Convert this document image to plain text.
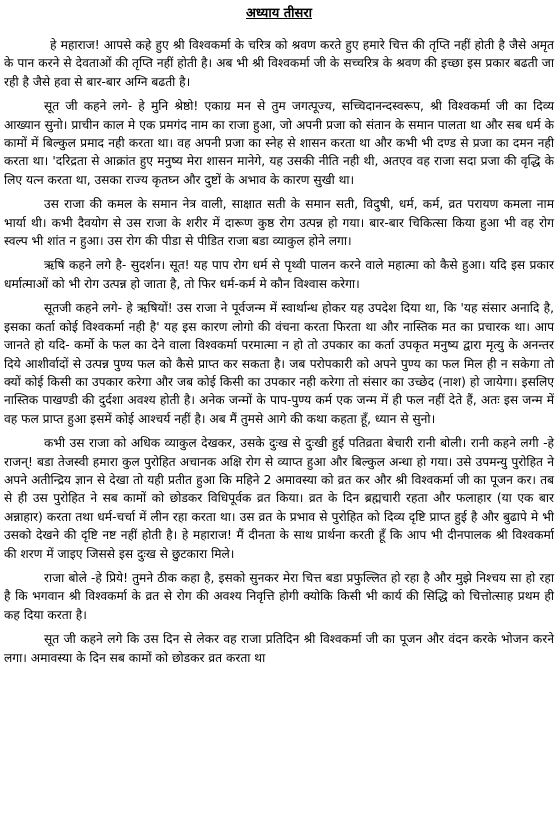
अध्याय तीसरा

हे महाराज! आपसे कहे हुए श्री विश्वकर्मा के चरित्र को श्रवण करते हुए हमारे चित्त की तृप्ति नहीं होती है जैसे अमृत के पान करने से देवताओं की तृप्ति नहीं होती है। अब भी श्री विश्वकर्मा जी के सच्चरित्र के श्रवण की इच्छा इस प्रकार बढती जा रही है जैसे हवा से बार-बार अग्नि बढती है।

सूत जी कहने लगे- हे मुनि श्रेष्ठो! एकाग्र मन से तुम जगत्पूज्य, सच्चिदानन्दस्वरूप, श्री विश्वकर्मा जी का दिव्य आख्यान सुनो। प्राचीन काल मे एक प्रमगंद नाम का राजा हुआ, जो अपनी प्रजा को संतान के समान पालता था और सब धर्म के कामों में बिल्कुल प्रमाद नही करता था। वह अपनी प्रजा का स्नेह से शासन करता था और कभी भी दण्ड से प्रजा का दमन नही करता था। 'दरिद्रता से आक्रांत हुए मनुष्य मेरा शासन मानेगे, यह उसकी नीति नही थी, अतएव वह राजा सदा प्रजा की वृद्धि के लिए यत्न करता था, उसका राज्य कृतघ्न और दुष्टों के अभाव के कारण सुखी था।

उस राजा की कमल के समान नेत्र वाली, साक्षात सती के समान सती, विदुषी, धर्म, कर्म, व्रत परायण कमला नाम भार्या थी। कभी दैवयोग से उस राजा के शरीर में दारूण कुष्ठ रोग उत्पन्न हो गया। बार-बार चिकित्सा किया हुआ भी वह रोग स्वल्प भी शांत न हुआ। उस रोग की पीडा से पीडित राजा बडा व्याकुल होने लगा।

ऋषि कहने लगे है- सुदर्शन। सूत! यह पाप रोग धर्म से पृथ्वी पालन करने वाले महात्मा को कैसे हुआ। यदि इस प्रकार धर्मात्माओं को भी रोग उत्पन्न हो जाता है, तो फिर धर्म-कर्म मे कौन विश्वास करेगा।

सूतजी कहने लगे- हे ऋषियों! उस राजा ने पूर्वजन्म में स्वार्थान्ध होकर यह उपदेश दिया था, कि 'यह संसार अनादि है, इसका कर्ता कोई विश्वकर्मा नही है' यह इस कारण लोगो की वंचना करता फिरता था और नास्तिक मत का प्रचारक था। आप जानते हो यदि- कर्मो के फल का देने वाला विश्वकर्मा परमात्मा न हो तो उपकार का कर्ता उपकृत मनुष्य द्वारा मृत्यु के अनन्तर दिये आशीर्वादों से उत्पन्न पुण्य फल को कैसे प्राप्त कर सकता है। जब परोपकारी को अपने पुण्य का फल मिल ही न सकेगा तो क्यों कोई किसी का उपकार करेगा और जब कोई किसी का उपकार नही करेगा तो संसार का उच्छेद (नाश) हो जायेगा। इसलिए नास्तिक पाखण्डी की दुर्दशा अवश्य होती है। अनेक जन्मों के पाप-पुण्य कर्म एक जन्म में ही फल नहीं देते हैं, अतः इस जन्म में वह फल प्राप्त हुआ इसमें कोई आश्चर्य नहीं है। अब मैं तुमसे आगे की कथा कहता हूँ, ध्यान से सुनो।

कभी उस राजा को अधिक व्याकुल देखकर, उसके दुःख से दुःखी हुई पतिव्रता बेचारी रानी बोली। रानी कहने लगी -हे राजन्! बडा तेजस्वी हमारा कुल पुरोहित अचानक अक्षि रोग से व्याप्त हुआ और बिल्कुल अन्धा हो गया। उसे उपमन्यु पुरोहित ने अपने अतीन्द्रिय ज्ञान से देखा तो यही प्रतीत हुआ कि महिने 2 अमावस्या को व्रत कर और श्री विश्वकर्मा जी का पूजन कर। तब से ही उस पुरोहित ने सब कामों को छोडकर विधिपूर्वक व्रत किया। व्रत के दिन ब्रह्मचारी रहता और फलाहार (या एक बार अन्नाहार) करता तथा धर्म-चर्चा में लीन रहा करता था। उस व्रत के प्रभाव से पुरोहित को दिव्य दृष्टि प्राप्त हुई है और बुढापे मे भी उसको देखने की दृष्टि नष्ट नहीं होती है। हे महाराज! मैं दीनता के साथ प्रार्थना करती हूँ कि आप भी दीनपालक श्री विश्वकर्मा की शरण में जाइए जिससे इस दुःख से छुटकारा मिले।

राजा बोले -हे प्रिये! तुमने ठीक कहा है, इसको सुनकर मेरा चित्त बडा प्रफुल्लित हो रहा है और मुझे निश्चय सा हो रहा है कि भगवान श्री विश्वकर्मा के व्रत से रोग की अवश्य निवृत्ति होगी क्योकि किसी भी कार्य की सिद्धि को चित्तोत्साह प्रथम ही कह दिया करता है।

सूत जी कहने लगे कि उस दिन से लेकर वह राजा प्रतिदिन श्री विश्वकर्मा जी का पूजन और वंदन करके भोजन करने लगा। अमावस्या के दिन सब कामों को छोडकर व्रत करता था
